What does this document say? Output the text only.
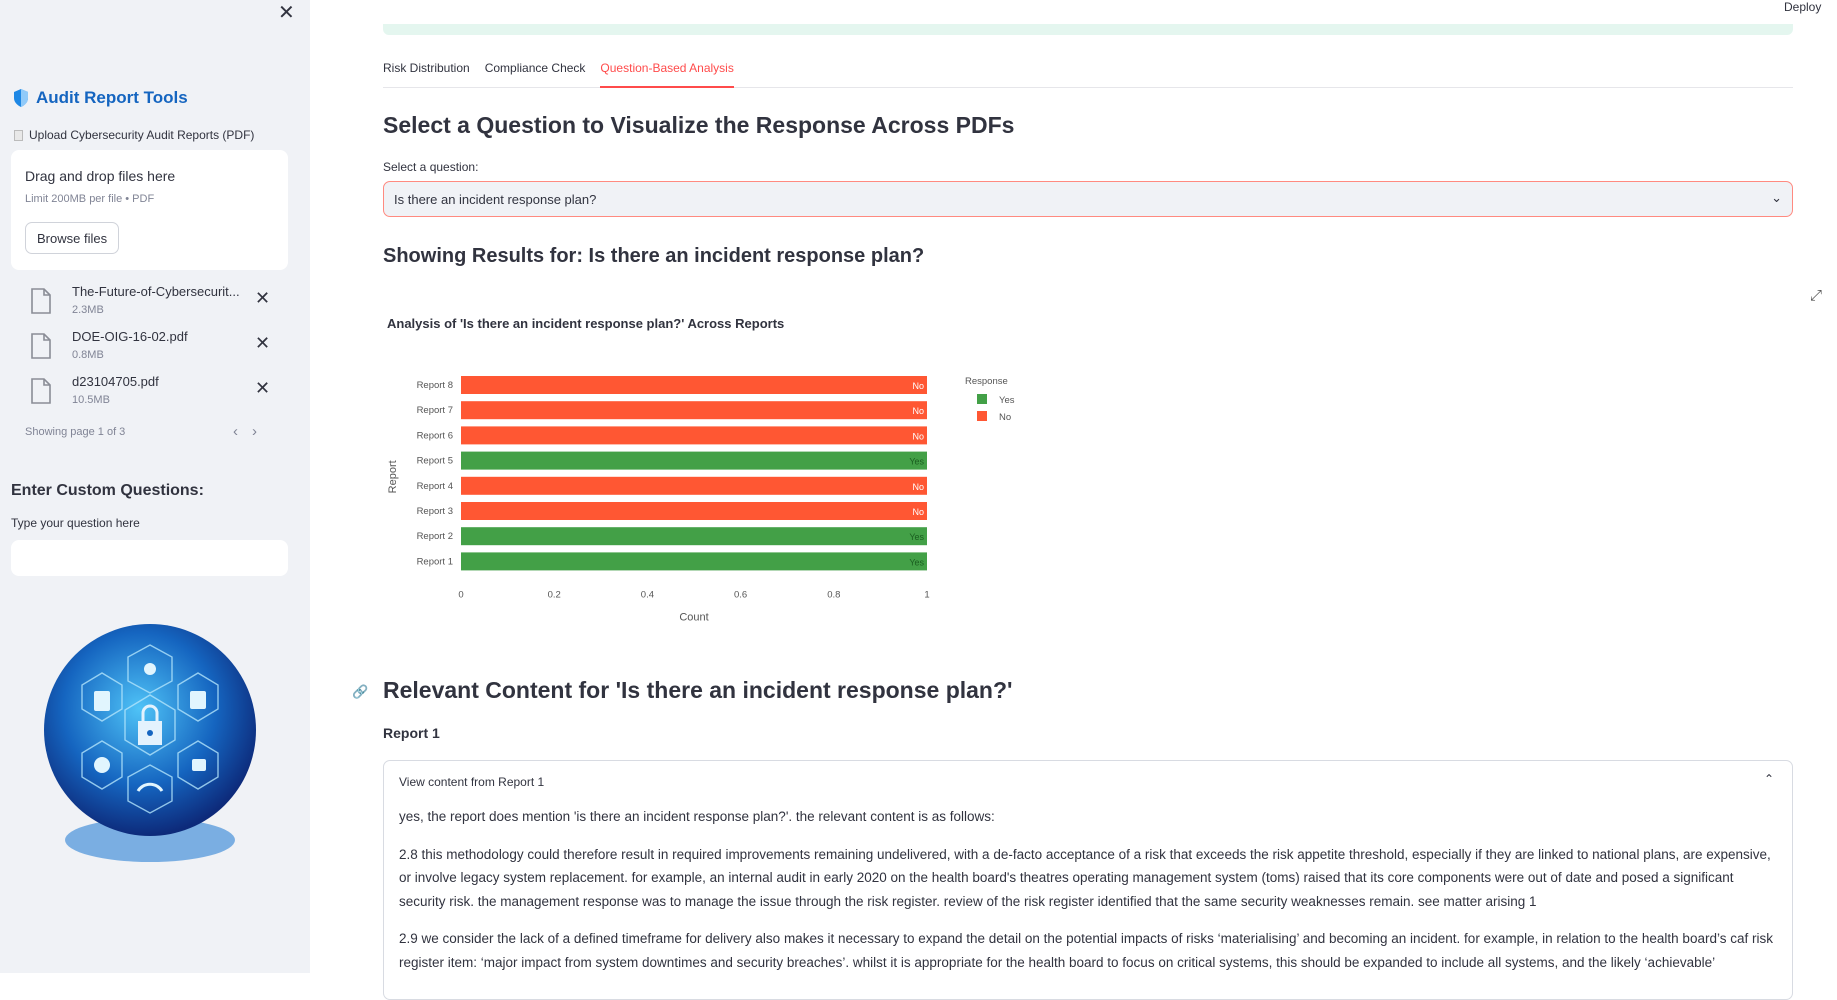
✕
Audit Report Tools
Upload Cybersecurity Audit Reports (PDF)
Drag and drop files here
Limit 200MB per file • PDF
Browse files
The-Future-of-Cybersecurit...
2.3MB
✕
DOE-OIG-16-02.pdf
0.8MB
✕
d23104705.pdf
10.5MB
✕
Showing page 1 of 3	‹ ›
Enter Custom Questions:
Type your question here
Deploy
Risk Distribution Compliance Check Question-Based Analysis
Select a Question to Visualize the Response Across PDFs
Select a question:
Is there an incident response plan?	⌄
Showing Results for: Is there an incident response plan?
⤢
Analysis of 'Is there an incident response plan?' Across Reports
Yes
Report 1
Yes
Report 2
No
Report 3
No
Report 4
Yes
Report 5
No
Report 6
No
Report 7
No
Report 8
0	0.2	0.4	0.6	0.8	1
Count
Report
Response
Yes
No
🔗 Relevant Content for 'Is there an incident response plan?'
Report 1
View content from Report 1	⌃

yes, the report does mention 'is there an incident response plan?'. the relevant content is as follows:

2.8 this methodology could therefore result in required improvements remaining undelivered, with a de-facto acceptance of a risk that exceeds the risk appetite threshold, especially if they are linked to national plans, are expensive, or involve legacy system replacement. for example, an internal audit in early 2020 on the health board's theatres operating management system (toms) raised that its core components were out of date and posed a significant security risk. the management response was to manage the issue through the risk register. review of the risk register identified that the same security weaknesses remain. see matter arising 1

2.9 we consider the lack of a defined timeframe for delivery also makes it necessary to expand the detail on the potential impacts of risks ‘materialising’ and becoming an incident. for example, in relation to the health board’s caf risk register item: ‘major impact from system downtimes and security breaches’. whilst it is appropriate for the health board to focus on critical systems, this should be expanded to include all systems, and the likely ‘achievable’
